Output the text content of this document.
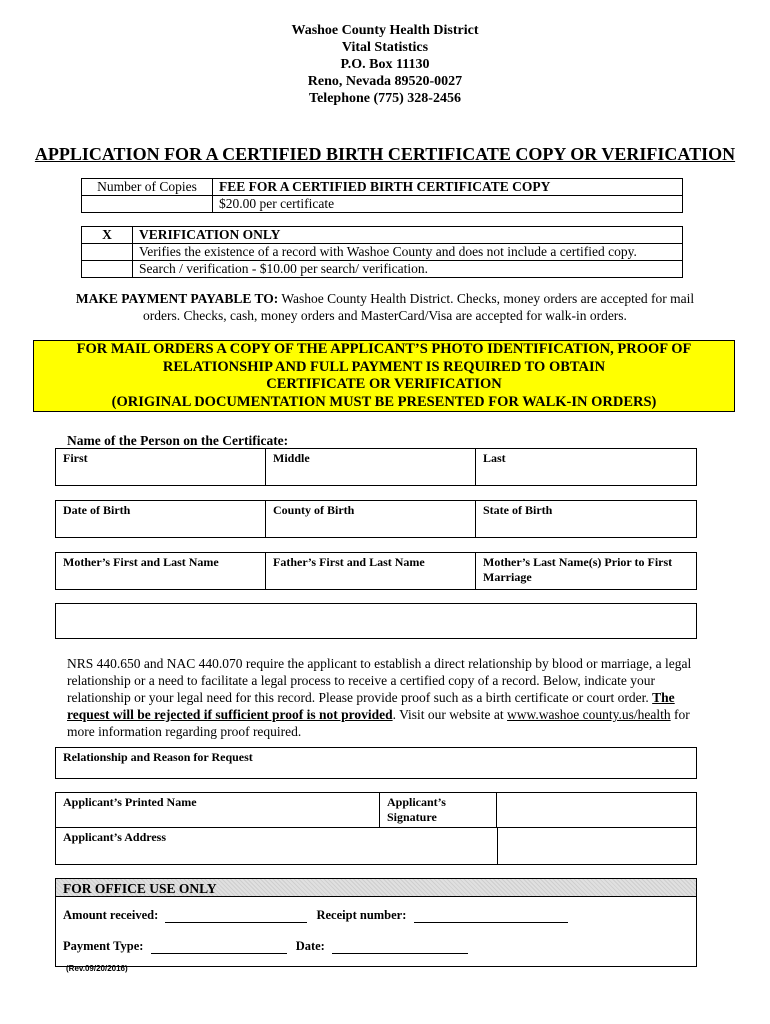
Washoe County Health District
Vital Statistics
P.O. Box 11130
Reno, Nevada 89520-0027
Telephone (775) 328-2456
APPLICATION FOR A CERTIFIED BIRTH CERTIFICATE COPY OR VERIFICATION
Number of Copies	FEE FOR A CERTIFIED BIRTH CERTIFICATE COPY
	$20.00 per certificate
X	VERIFICATION ONLY
	Verifies the existence of a record with Washoe County and does not include a certified copy.
	Search / verification - $10.00 per search/ verification.
MAKE PAYMENT PAYABLE TO: Washoe County Health District. Checks, money orders are accepted for mail
orders. Checks, cash, money orders and MasterCard/Visa are accepted for walk-in orders.
FOR MAIL ORDERS A COPY OF THE APPLICANT’S PHOTO IDENTIFICATION, PROOF OF
RELATIONSHIP AND FULL PAYMENT IS REQUIRED TO OBTAIN
CERTIFICATE OR VERIFICATION
(ORIGINAL DOCUMENTATION MUST BE PRESENTED FOR WALK-IN ORDERS)
Name of the Person on the Certificate:
First	Middle	Last
Date of Birth	County of Birth	State of Birth
Mother’s First and Last Name	Father’s First and Last Name	Mother’s Last Name(s) Prior to First Marriage
NRS 440.650 and NAC 440.070 require the applicant to establish a direct relationship by blood or marriage, a legal relationship or a need to facilitate a legal process to receive a certified copy of a record. Below, indicate your relationship or your legal need for this record. Please provide proof such as a birth certificate or court order. The request will be rejected if sufficient proof is not provided. Visit our website at www.washoe county.us/health for more information regarding proof required.
Relationship and Reason for Request
Applicant’s Printed Name	Applicant’s Signature
Applicant’s Address
FOR OFFICE USE ONLY
Amount received:	Receipt number:
Payment Type:	Date:
(Rev.09/20/2016)
